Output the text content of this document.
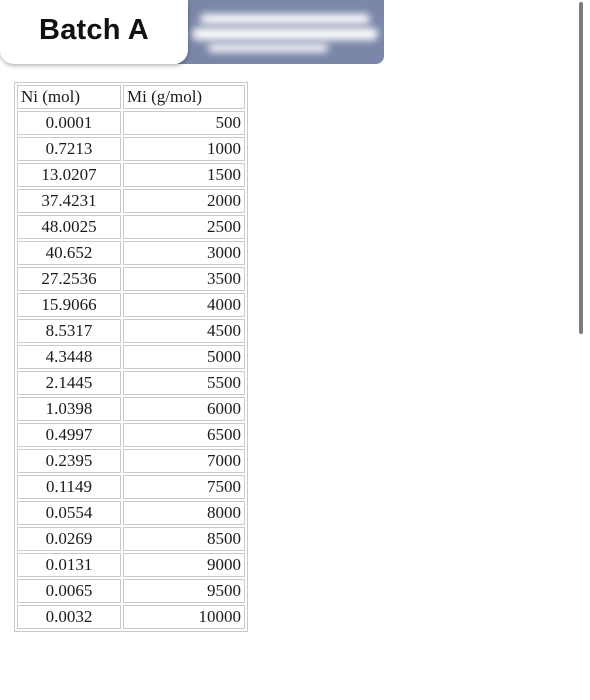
Batch A
Ni (mol)	Mi (g/mol)
0.0001	500
0.7213	1000
13.0207	1500
37.4231	2000
48.0025	2500
40.652	3000
27.2536	3500
15.9066	4000
8.5317	4500
4.3448	5000
2.1445	5500
1.0398	6000
0.4997	6500
0.2395	7000
0.1149	7500
0.0554	8000
0.0269	8500
0.0131	9000
0.0065	9500
0.0032	10000
